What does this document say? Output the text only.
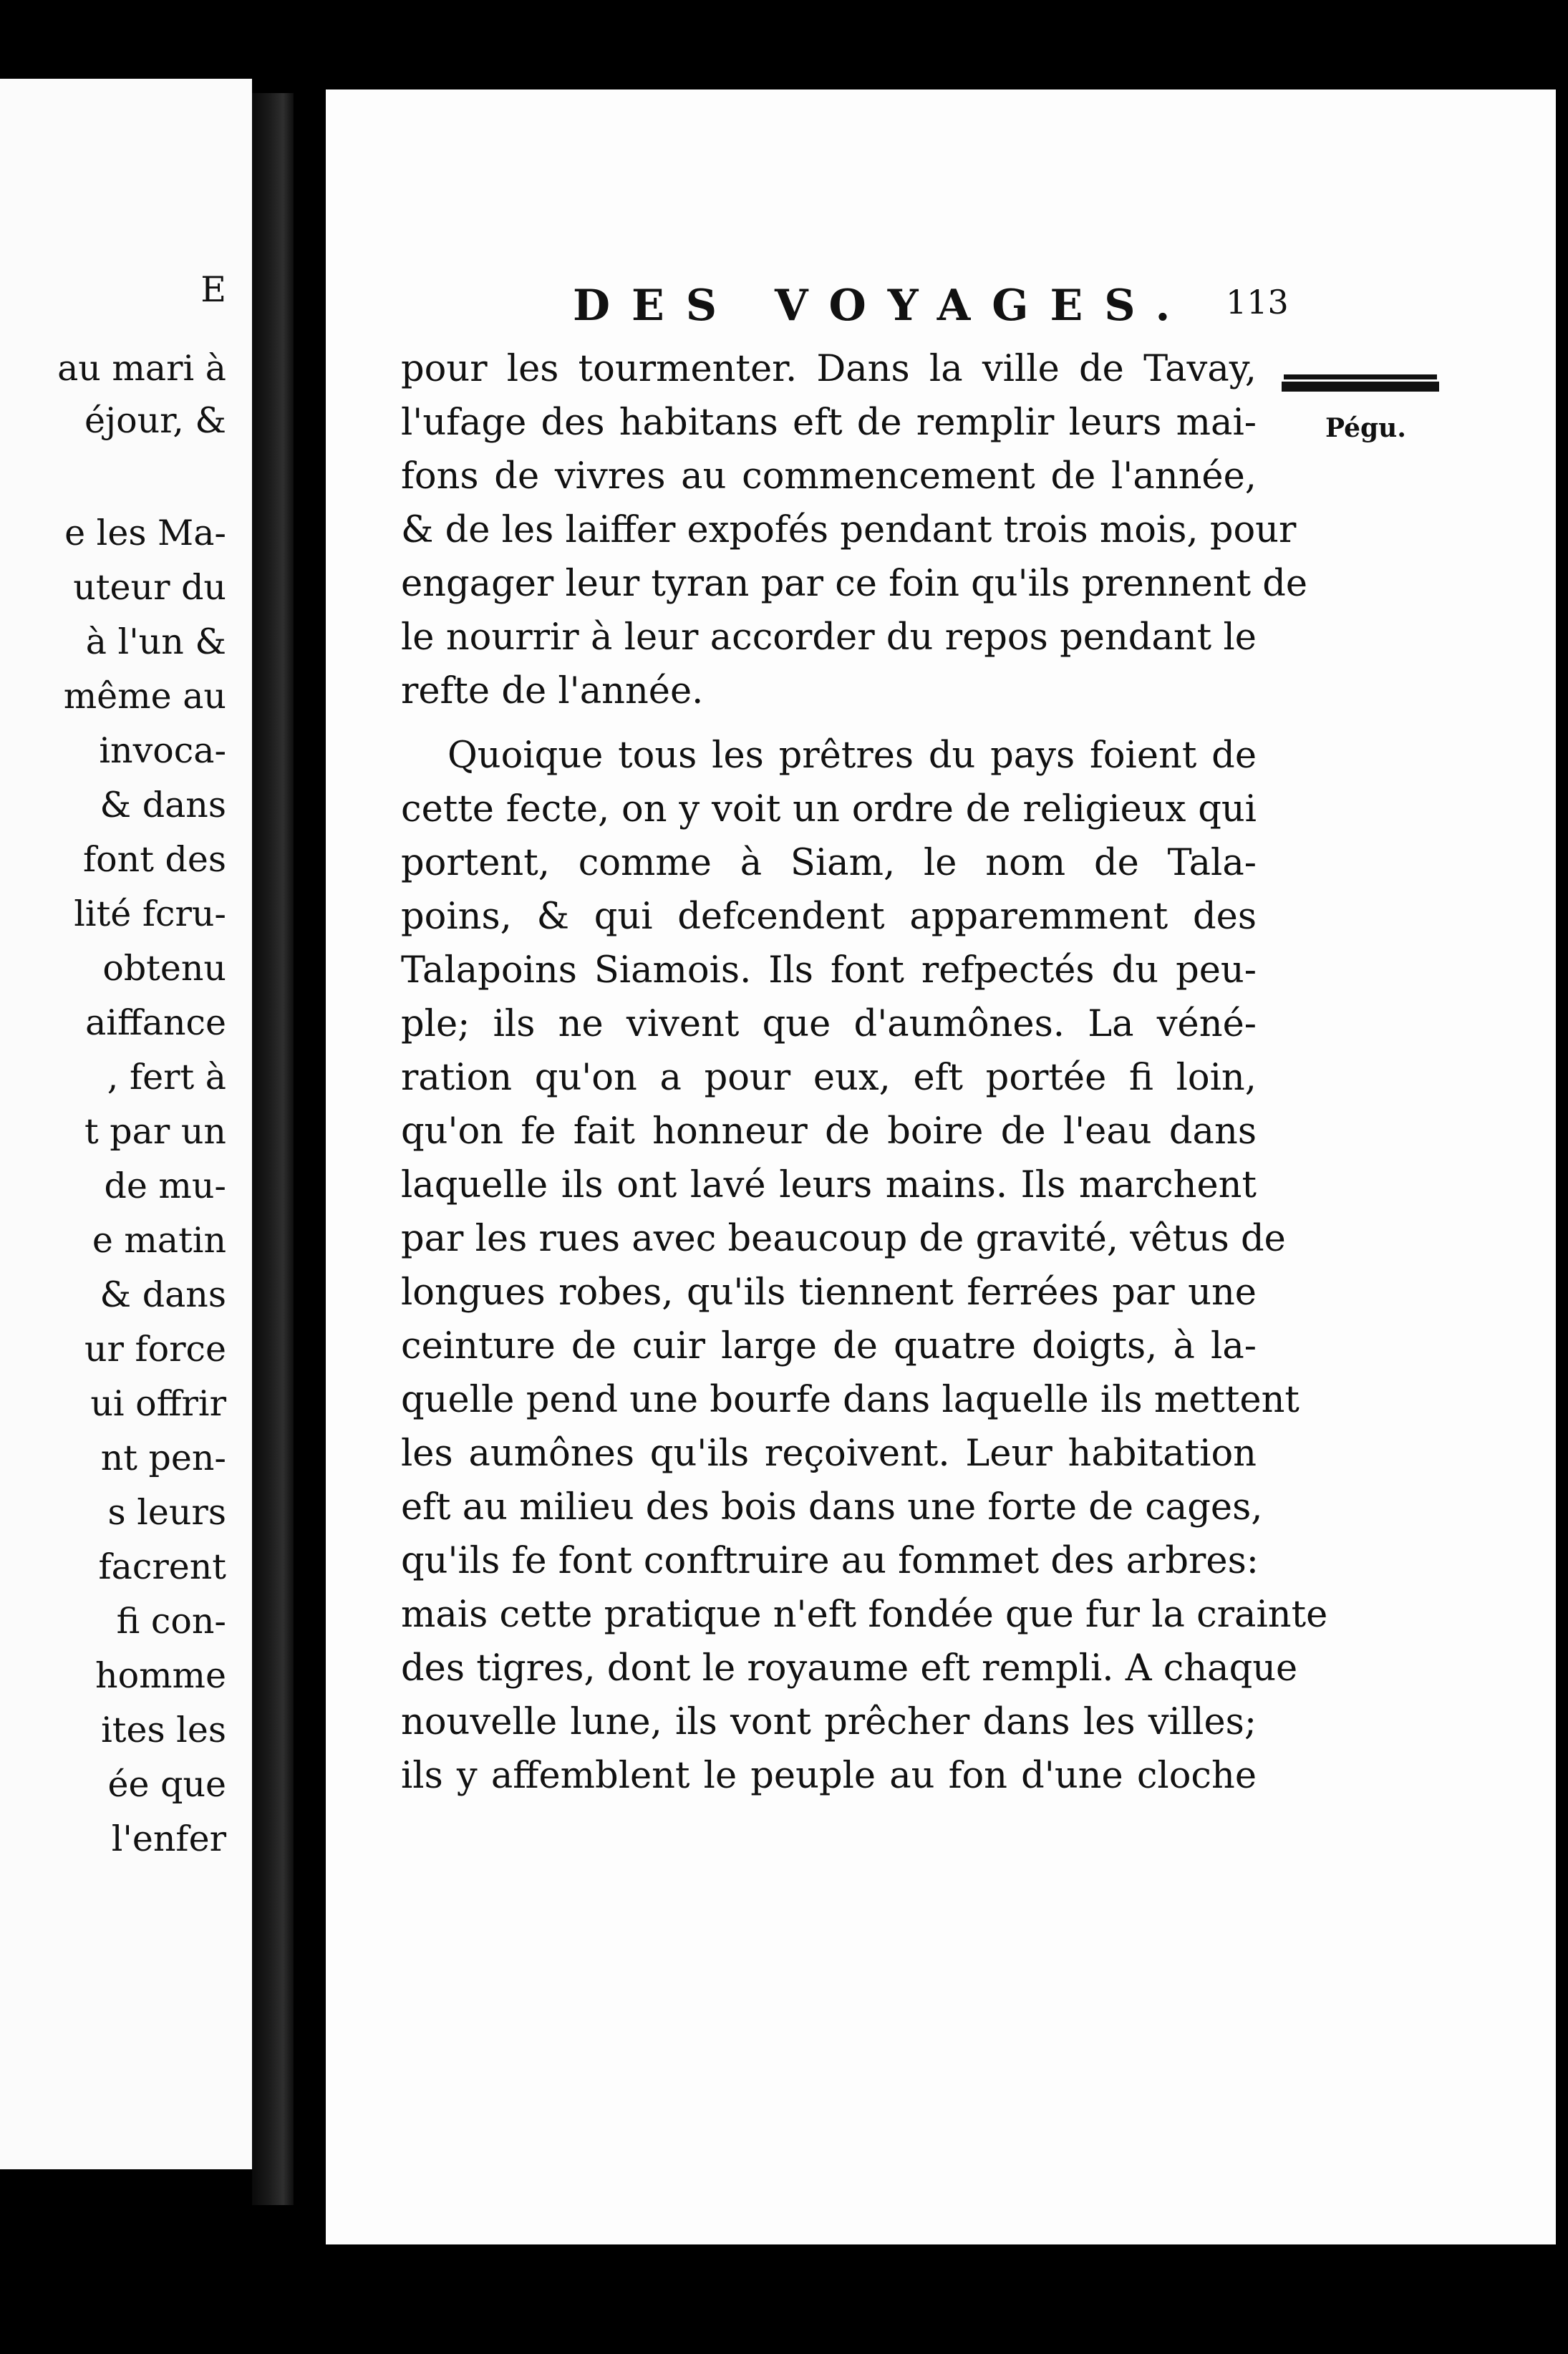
E
au mari à
éjour, &
e les Ma-
uteur du
à l'un &
même au
invoca-
& dans
font des
lité fcru-
obtenu
aiffance
, fert à
t par un
de mu-
e matin
& dans
ur force
ui offrir
nt pen-
s leurs
facrent
fi con-
homme
ites les
ée que
l'enfer
DES VOYAGES. 113
Pégu.
pour les tourmenter. Dans la ville de Tavay,
l'ufage des habitans eft de remplir leurs mai-
fons de vivres au commencement de l'année,
& de les laiffer expofés pendant trois mois, pour
engager leur tyran par ce foin qu'ils prennent de
le nourrir à leur accorder du repos pendant le
refte de l'année.
Quoique tous les prêtres du pays foient de
cette fecte, on y voit un ordre de religieux qui
portent, comme à Siam, le nom de Tala-
poins, & qui defcendent apparemment des
Talapoins Siamois. Ils font refpectés du peu-
ple; ils ne vivent que d'aumônes. La véné-
ration qu'on a pour eux, eft portée fi loin,
qu'on fe fait honneur de boire de l'eau dans
laquelle ils ont lavé leurs mains. Ils marchent
par les rues avec beaucoup de gravité, vêtus de
longues robes, qu'ils tiennent ferrées par une
ceinture de cuir large de quatre doigts, à la-
quelle pend une bourfe dans laquelle ils mettent
les aumônes qu'ils reçoivent. Leur habitation
eft au milieu des bois dans une forte de cages,
qu'ils fe font conftruire au fommet des arbres:
mais cette pratique n'eft fondée que fur la crainte
des tigres, dont le royaume eft rempli. A chaque
nouvelle lune, ils vont prêcher dans les villes;
ils y affemblent le peuple au fon d'une cloche
